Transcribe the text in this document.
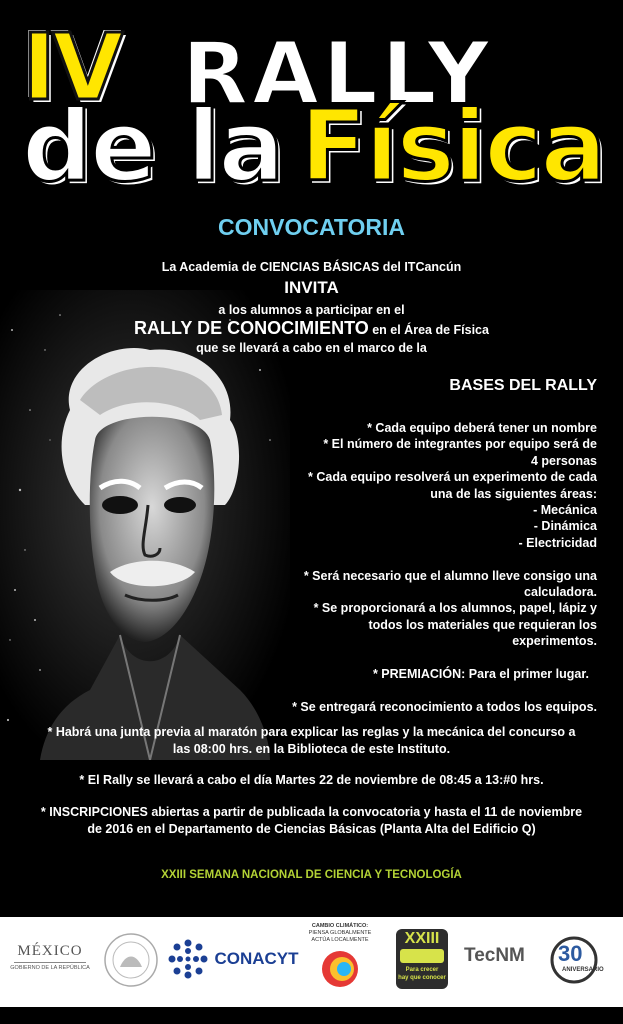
IV RALLY
de la Física
CONVOCATORIA
La Academia de CIENCIAS BÁSICAS del ITCancún
INVITA
a los alumnos a participar en el
RALLY DE CONOCIMIENTO en el Área de Física
que se llevará a cabo en el marco de la
BASES DEL RALLY
* Cada equipo deberá tener un nombre
* El número de integrantes por equipo será de
4 personas
* Cada equipo resolverá un experimento de cada
una de las siguientes áreas:
- Mecánica
- Dinámica
- Electricidad
* Será necesario que el alumno lleve consigo una
calculadora.
* Se proporcionará a los alumnos, papel, lápiz y
todos los materiales que requieran los
experimentos.
* PREMIACIÓN: Para el primer lugar.
* Se entregará reconocimiento a todos los equipos.
* Habrá una junta previa al maratón para explicar las reglas y la mecánica del concurso a
las 08:00 hrs. en la Biblioteca de este Instituto.
* El Rally se llevará a cabo el día Martes 22 de noviembre de 08:45 a 13:#0 hrs.
* INSCRIPCIONES abiertas a partir de publicada la convocatoria y hasta el 11 de noviembre
de 2016 en el Departamento de Ciencias Básicas (Planta Alta del Edificio Q)
XXIII SEMANA NACIONAL DE CIENCIA Y TECNOLOGÍA
MÉXICO
GOBIERNO DE LA REPÚBLICA	CONACYT
CAMBIO CLIMÁTICO:
PIENSA GLOBALMENTE
ACTÚA LOCALMENTE	XXIII
Para crecer
hay que conocer
TecNM 30
ANIVERSARIO
